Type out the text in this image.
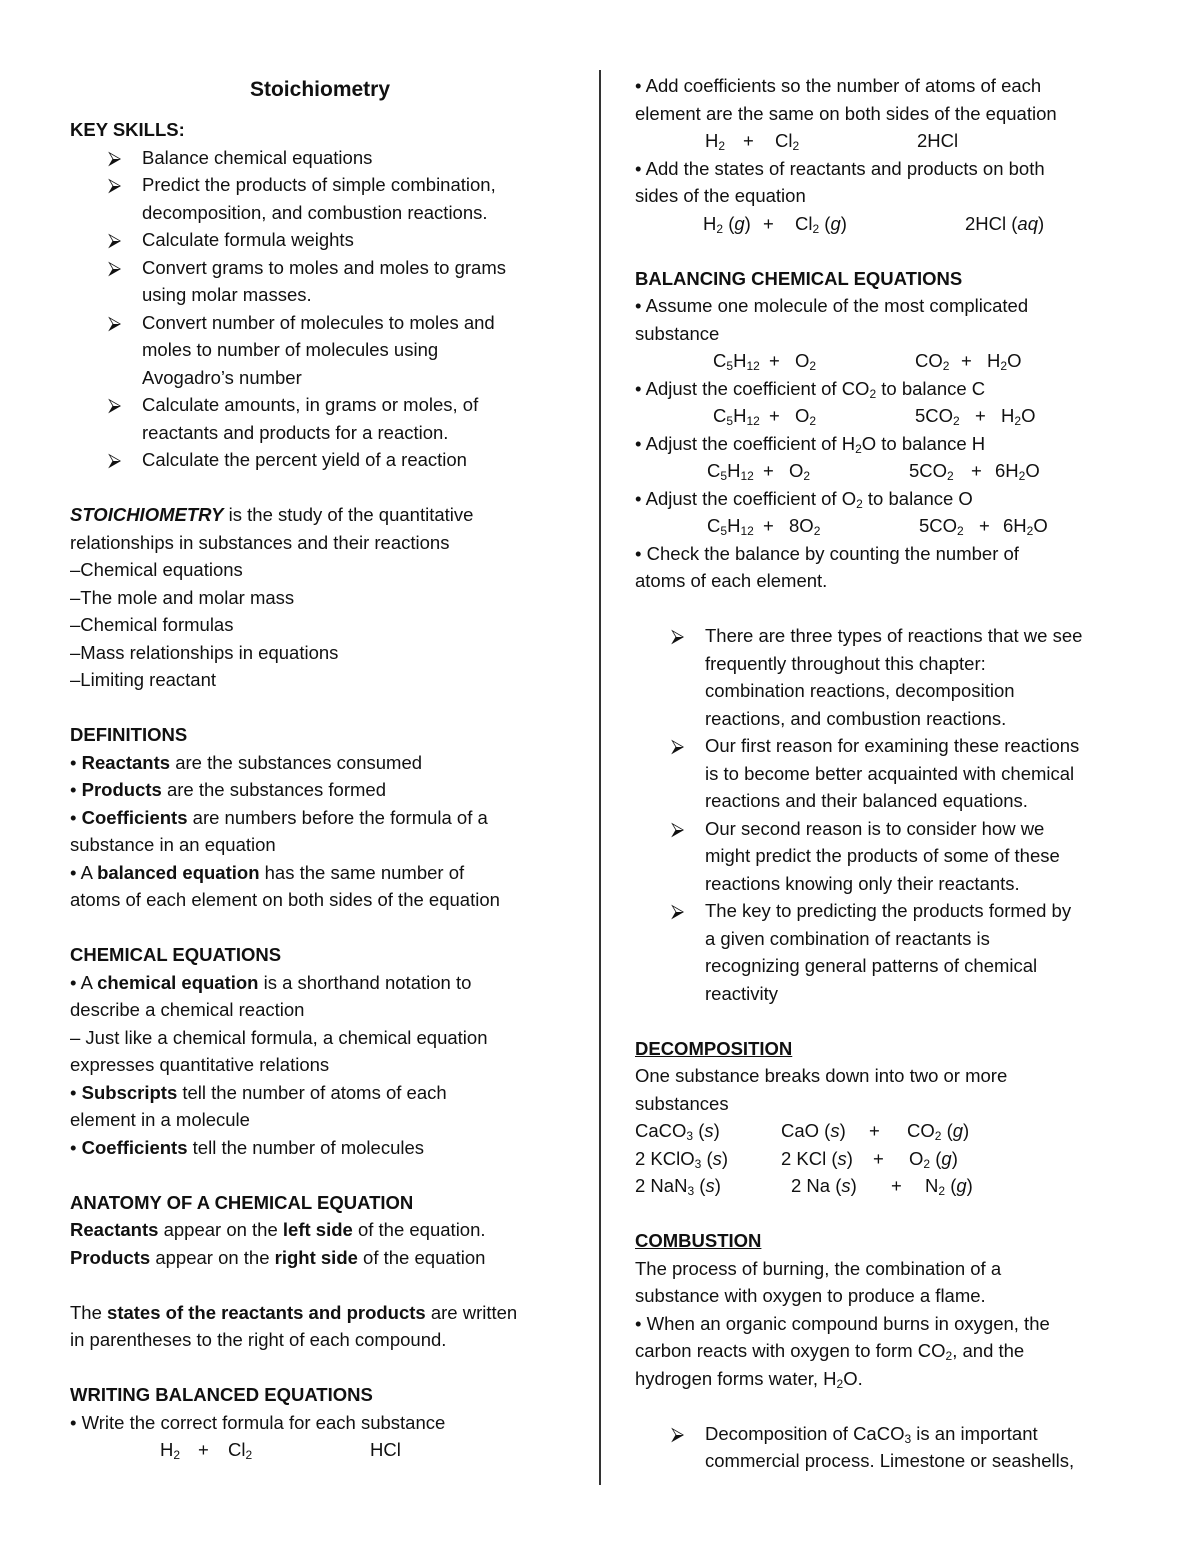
Stoichiometry
KEY SKILLS:
⮚	Balance chemical equations
⮚	Predict the products of simple combination,
decomposition, and combustion reactions.
⮚	Calculate formula weights
⮚	Convert grams to moles and moles to grams
using molar masses.
⮚	Convert number of molecules to moles and
moles to number of molecules using
Avogadro’s number
⮚	Calculate amounts, in grams or moles, of
reactants and products for a reaction.
⮚	Calculate the percent yield of a reaction
STOICHIOMETRY is the study of the quantitative
relationships in substances and their reactions
–Chemical equations
–The mole and molar mass
–Chemical formulas
–Mass relationships in equations
–Limiting reactant
DEFINITIONS
• Reactants are the substances consumed
• Products are the substances formed
• Coefficients are numbers before the formula of a
substance in an equation
• A balanced equation has the same number of
atoms of each element on both sides of the equation
CHEMICAL EQUATIONS
• A chemical equation is a shorthand notation to
describe a chemical reaction
– Just like a chemical formula, a chemical equation
expresses quantitative relations
• Subscripts tell the number of atoms of each
element in a molecule
• Coefficients tell the number of molecules
ANATOMY OF A CHEMICAL EQUATION
Reactants appear on the left side of the equation.
Products appear on the right side of the equation
The states of the reactants and products are written
in parentheses to the right of each compound.
WRITING BALANCED EQUATIONS
• Write the correct formula for each substance
$H_2 + Cl_2$	HCl
• Add coefficients so the number of atoms of each
element are the same on both sides of the equation
$H_2 + Cl_2$	2HCl
• Add the states of reactants and products on both
sides of the equation
$H_2$ $(g) + Cl_2$ (g)	2HCl (aq)
BALANCING CHEMICAL EQUATIONS
• Assume one molecule of the most complicated
substance
$C_5H_{12} + O_2$	$CO_2 + H_2O$
• Adjust the coefficient of $CO_2$ to balance C
$C_5H_{12} + O_2$	$5CO_2 + H_2O$
• Adjust the coefficient of $H_2O$ to balance H
$C_5H_{12} + O_2$	$5CO_2 + 6H_2O$
• Adjust the coefficient of $O_2$ to balance O
$C_5H_{12} + 8O_2$	$5CO_2 + 6H_2O$
• Check the balance by counting the number of
atoms of each element.
⮚	There are three types of reactions that we see
frequently throughout this chapter:
combination reactions, decomposition
reactions, and combustion reactions.
⮚	Our first reason for examining these reactions
is to become better acquainted with chemical
reactions and their balanced equations.
⮚	Our second reason is to consider how we
might predict the products of some of these
reactions knowing only their reactants.
⮚	The key to predicting the products formed by
a given combination of reactants is
recognizing general patterns of chemical
reactivity
DECOMPOSITION
One substance breaks down into two or more
substances
CaCO$_3$ (s)	CaO $(s) + CO_2$ (g)
2 KClO$_3$ (s)	2 KCl $(s) + O_2$ (g)
2 NaN$_3$ (s)	2 Na $(s) + N_2$ (g)
COMBUSTION
The process of burning, the combination of a
substance with oxygen to produce a flame.
• When an organic compound burns in oxygen, the
carbon reacts with oxygen to form $CO_2$, and the
hydrogen forms water, $H_2O$.
⮚	Decomposition of CaCO$_3$ is an important
commercial process. Limestone or seashells,
